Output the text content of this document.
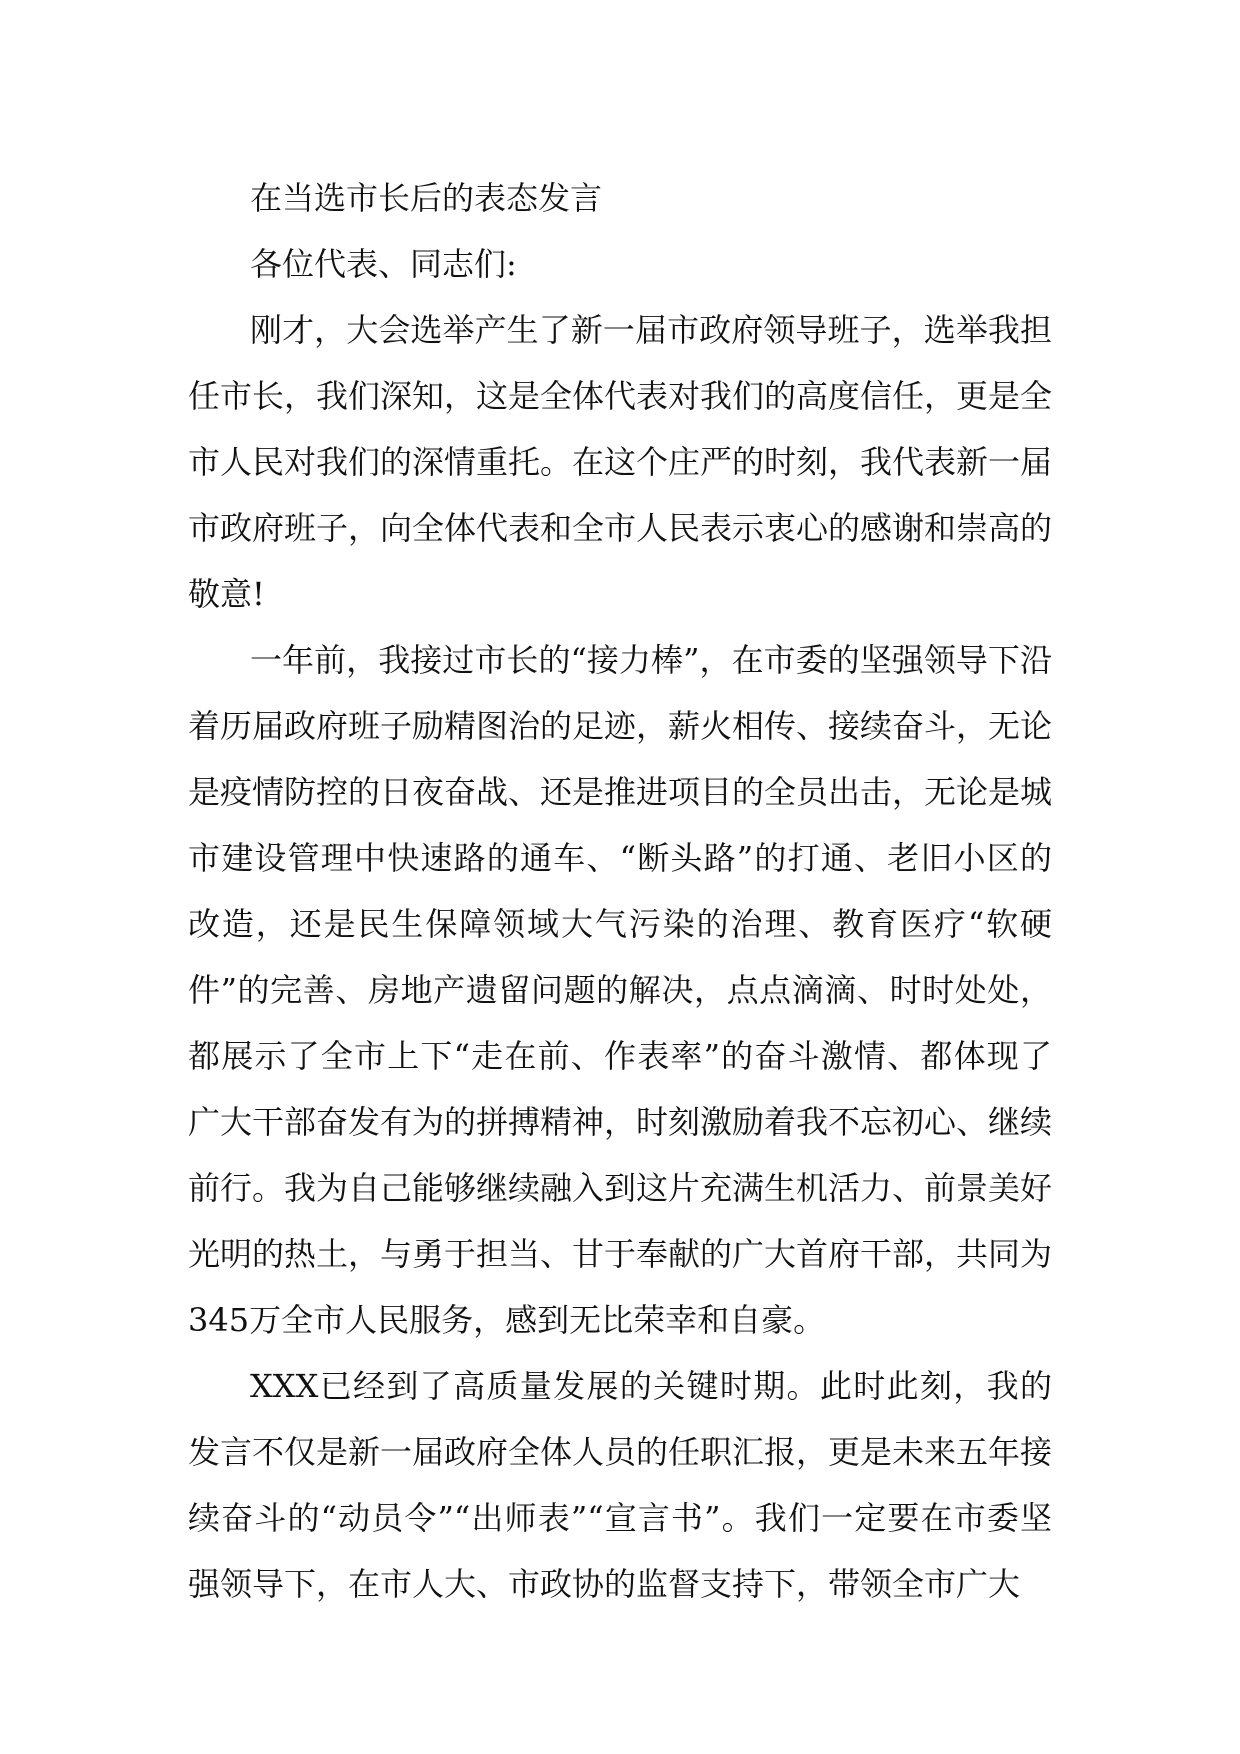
在当选市长后的表态发言

各位代表、同志们:

刚才，大会选举产生了新一届市政府领导班子，选举我担任市长，我们深知，这是全体代表对我们的高度信任，更是全市人民对我们的深情重托。在这个庄严的时刻，我代表新一届市政府班子，向全体代表和全市人民表示衷心的感谢和崇高的敬意!

一年前，我接过市长的“接力棒”，在市委的坚强领导下沿着历届政府班子励精图治的足迹，薪火相传、接续奋斗，无论是疫情防控的日夜奋战、还是推进项目的全员出击，无论是城市建设管理中快速路的通车、“断头路”的打通、老旧小区的改造，还是民生保障领域大气污染的治理、教育医疗“软硬件”的完善、房地产遗留问题的解决，点点滴滴、时时处处，都展示了全市上下“走在前、作表率”的奋斗激情、都体现了广大干部奋发有为的拼搏精神，时刻激励着我不忘初心、继续前行。我为自己能够继续融入到这片充满生机活力、前景美好光明的热土，与勇于担当、甘于奉献的广大首府干部，共同为345万全市人民服务，感到无比荣幸和自豪。

XXX已经到了高质量发展的关键时期。此时此刻，我的发言不仅是新一届政府全体人员的任职汇报，更是未来五年接续奋斗的“动员令”“出师表”“宣言书”。我们一定要在市委坚强领导下，在市人大、市政协的监督支持下，带领全市广大
